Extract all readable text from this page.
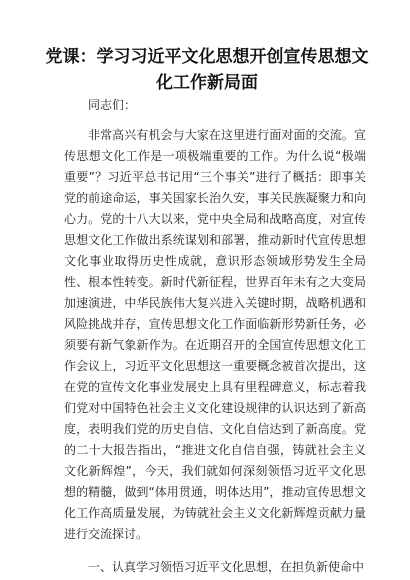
党课：学习习近平文化思想开创宣传思想文化工作新局面

同志们：

非常高兴有机会与大家在这里进行面对面的交流。宣传思想文化工作是一项极端重要的工作。为什么说“极端重要”？习近平总书记用“三个事关”进行了概括：即事关党的前途命运，事关国家长治久安，事关民族凝聚力和向心力。党的十八大以来，党中央全局和战略高度，对宣传思想文化工作做出系统谋划和部署，推动新时代宣传思想文化事业取得历史性成就，意识形态领域形势发生全局性、根本性转变。新时代新征程，世界百年未有之大变局加速演进，中华民族伟大复兴进入关键时期，战略机遇和风险挑战并存，宣传思想文化工作面临新形势新任务，必须要有新气象新作为。在近期召开的全国宣传思想文化工作会议上，习近平文化思想这一重要概念被首次提出，这在党的宣传文化事业发展史上具有里程碑意义，标志着我们党对中国特色社会主义文化建设规律的认识达到了新高度，表明我们党的历史自信、文化自信达到了新高度。党的二十大报告指出，“推进文化自信自强，铸就社会主义文化新辉煌”，今天，我们就如何深刻领悟习近平文化思想的精髓，做到“体用贯通，明体达用”，推动宣传思想文化工作高质量发展，为铸就社会主义文化新辉煌贡献力量进行交流探讨。

一、认真学习领悟习近平文化思想，在担负新使命中
